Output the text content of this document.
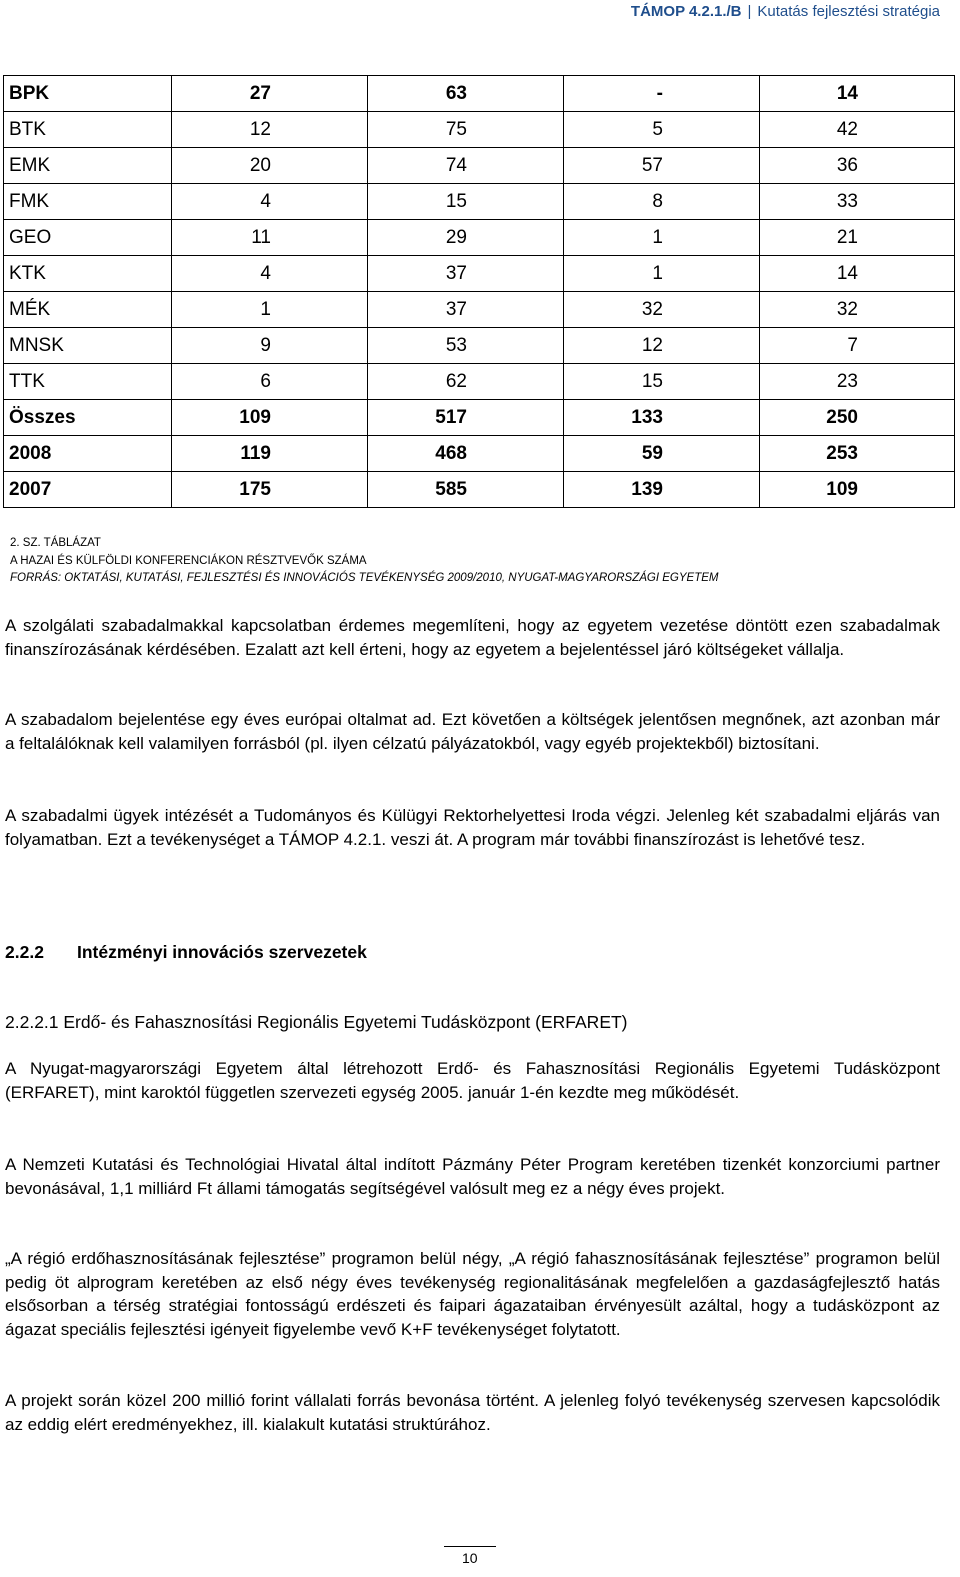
TÁMOP 4.2.1./B | Kutatás fejlesztési stratégia
BPK	27	63	-	14
BTK	12	75	5	42
EMK	20	74	57	36
FMK	4	15	8	33
GEO	11	29	1	21
KTK	4	37	1	14
MÉK	1	37	32	32
MNSK	9	53	12	7
TTK	6	62	15	23
Összes	109	517	133	250
2008	119	468	59	253
2007	175	585	139	109
2. SZ. TÁBLÁZAT
A HAZAI ÉS KÜLFÖLDI KONFERENCIÁKON RÉSZTVEVŐK SZÁMA
FORRÁS: OKTATÁSI, KUTATÁSI, FEJLESZTÉSI ÉS INNOVÁCIÓS TEVÉKENYSÉG 2009/2010, NYUGAT-MAGYARORSZÁGI EGYETEM

A szolgálati szabadalmakkal kapcsolatban érdemes megemlíteni, hogy az egyetem vezetése döntött ezen szabadalmak finanszírozásának kérdésében. Ezalatt azt kell érteni, hogy az egyetem a bejelentéssel járó költségeket vállalja.

A szabadalom bejelentése egy éves európai oltalmat ad. Ezt követően a költségek jelentősen megnőnek, azt azonban már a feltalálóknak kell valamilyen forrásból (pl. ilyen célzatú pályázatokból, vagy egyéb projektekből) biztosítani.

A szabadalmi ügyek intézését a Tudományos és Külügyi Rektorhelyettesi Iroda végzi. Jelenleg két szabadalmi eljárás van folyamatban. Ezt a tevékenységet a TÁMOP 4.2.1. veszi át. A program már további finanszírozást is lehetővé tesz.

2.2.2 Intézményi innovációs szervezetek
2.2.2.1 Erdő- és Fahasznosítási Regionális Egyetemi Tudásközpont (ERFARET)

A Nyugat-magyarországi Egyetem által létrehozott Erdő- és Fahasznosítási Regionális Egyetemi Tudásközpont (ERFARET), mint karoktól független szervezeti egység 2005. január 1-én kezdte meg működését.

A Nemzeti Kutatási és Technológiai Hivatal által indított Pázmány Péter Program keretében tizenkét konzorciumi partner bevonásával, 1,1 milliárd Ft állami támogatás segítségével valósult meg ez a négy éves projekt.

„A régió erdőhasznosításának fejlesztése” programon belül négy, „A régió fahasznosításának fejlesztése” programon belül pedig öt alprogram keretében az első négy éves tevékenység regionalitásának megfelelően a gazdaságfejlesztő hatás elsősorban a térség stratégiai fontosságú erdészeti és faipari ágazataiban érvényesült azáltal, hogy a tudásközpont az ágazat speciális fejlesztési igényeit figyelembe vevő K+F tevékenységet folytatott.

A projekt során közel 200 millió forint vállalati forrás bevonása történt. A jelenleg folyó tevékenység szervesen kapcsolódik az eddig elért eredményekhez, ill. kialakult kutatási struktúrához.

10
